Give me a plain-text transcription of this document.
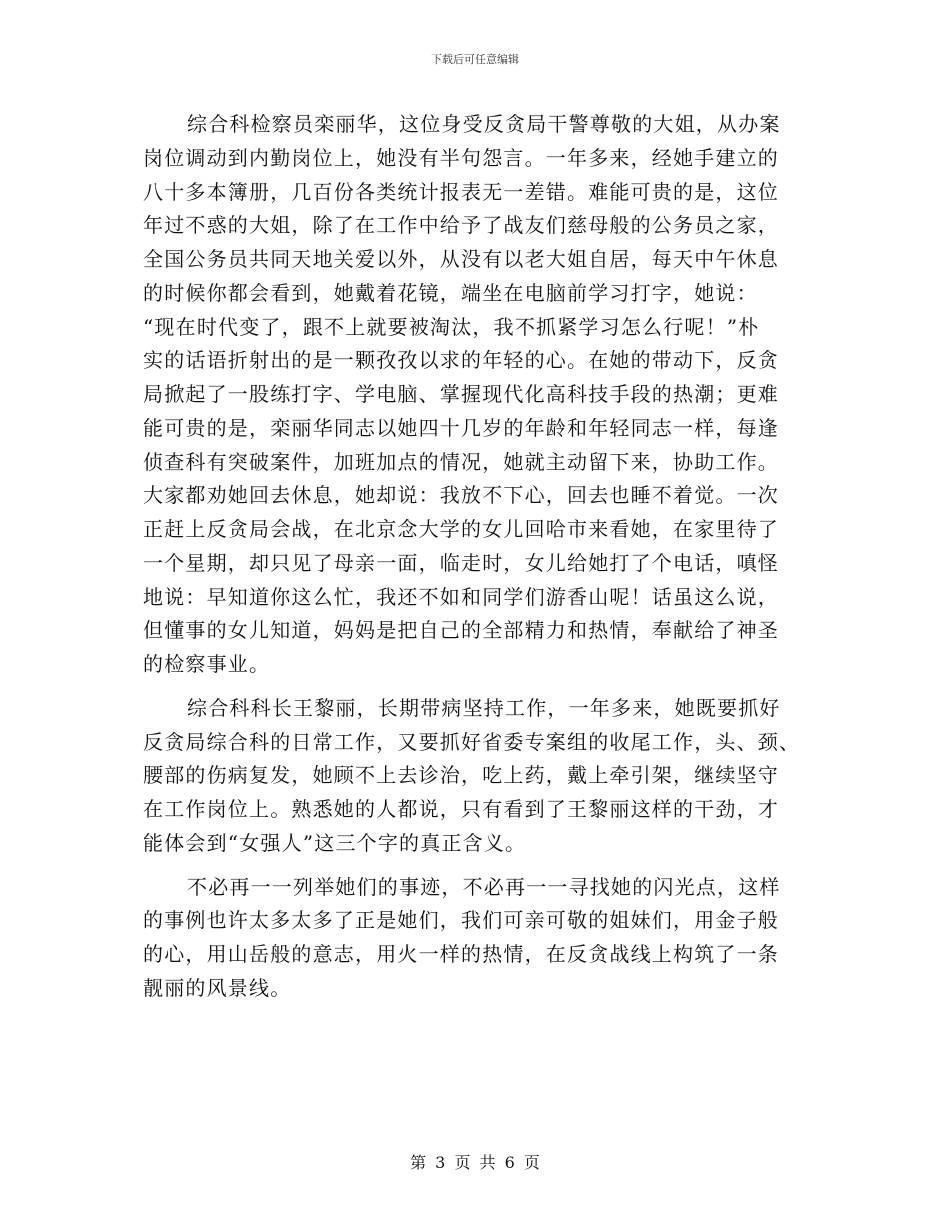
下载后可任意编辑
综合科检察员栾丽华，这位身受反贪局干警尊敬的大姐，从办案
岗位调动到内勤岗位上，她没有半句怨言。一年多来，经她手建立的
八十多本簿册，几百份各类统计报表无一差错。难能可贵的是，这位
年过不惑的大姐，除了在工作中给予了战友们慈母般的公务员之家，
全国公务员共同天地关爱以外，从没有以老大姐自居，每天中午休息
的时候你都会看到，她戴着花镜，端坐在电脑前学习打字，她说：
“现在时代变了，跟不上就要被淘汰，我不抓紧学习怎么行呢！”朴
实的话语折射出的是一颗孜孜以求的年轻的心。在她的带动下，反贪
局掀起了一股练打字、学电脑、掌握现代化高科技手段的热潮；更难
能可贵的是，栾丽华同志以她四十几岁的年龄和年轻同志一样，每逢
侦查科有突破案件，加班加点的情况，她就主动留下来，协助工作。
大家都劝她回去休息，她却说：我放不下心，回去也睡不着觉。一次
正赶上反贪局会战，在北京念大学的女儿回哈市来看她，在家里待了
一个星期，却只见了母亲一面，临走时，女儿给她打了个电话，嗔怪
地说：早知道你这么忙，我还不如和同学们游香山呢！话虽这么说，
但懂事的女儿知道，妈妈是把自己的全部精力和热情，奉献给了神圣
的检察事业。
综合科科长王黎丽，长期带病坚持工作，一年多来，她既要抓好
反贪局综合科的日常工作，又要抓好省委专案组的收尾工作，头、颈、
腰部的伤病复发，她顾不上去诊治，吃上药，戴上牵引架，继续坚守
在工作岗位上。熟悉她的人都说，只有看到了王黎丽这样的干劲，才
能体会到“女强人”这三个字的真正含义。
不必再一一列举她们的事迹，不必再一一寻找她的闪光点，这样
的事例也许太多太多了正是她们，我们可亲可敬的姐妹们，用金子般
的心，用山岳般的意志，用火一样的热情，在反贪战线上构筑了一条
靓丽的风景线。
第 3 页 共 6 页
